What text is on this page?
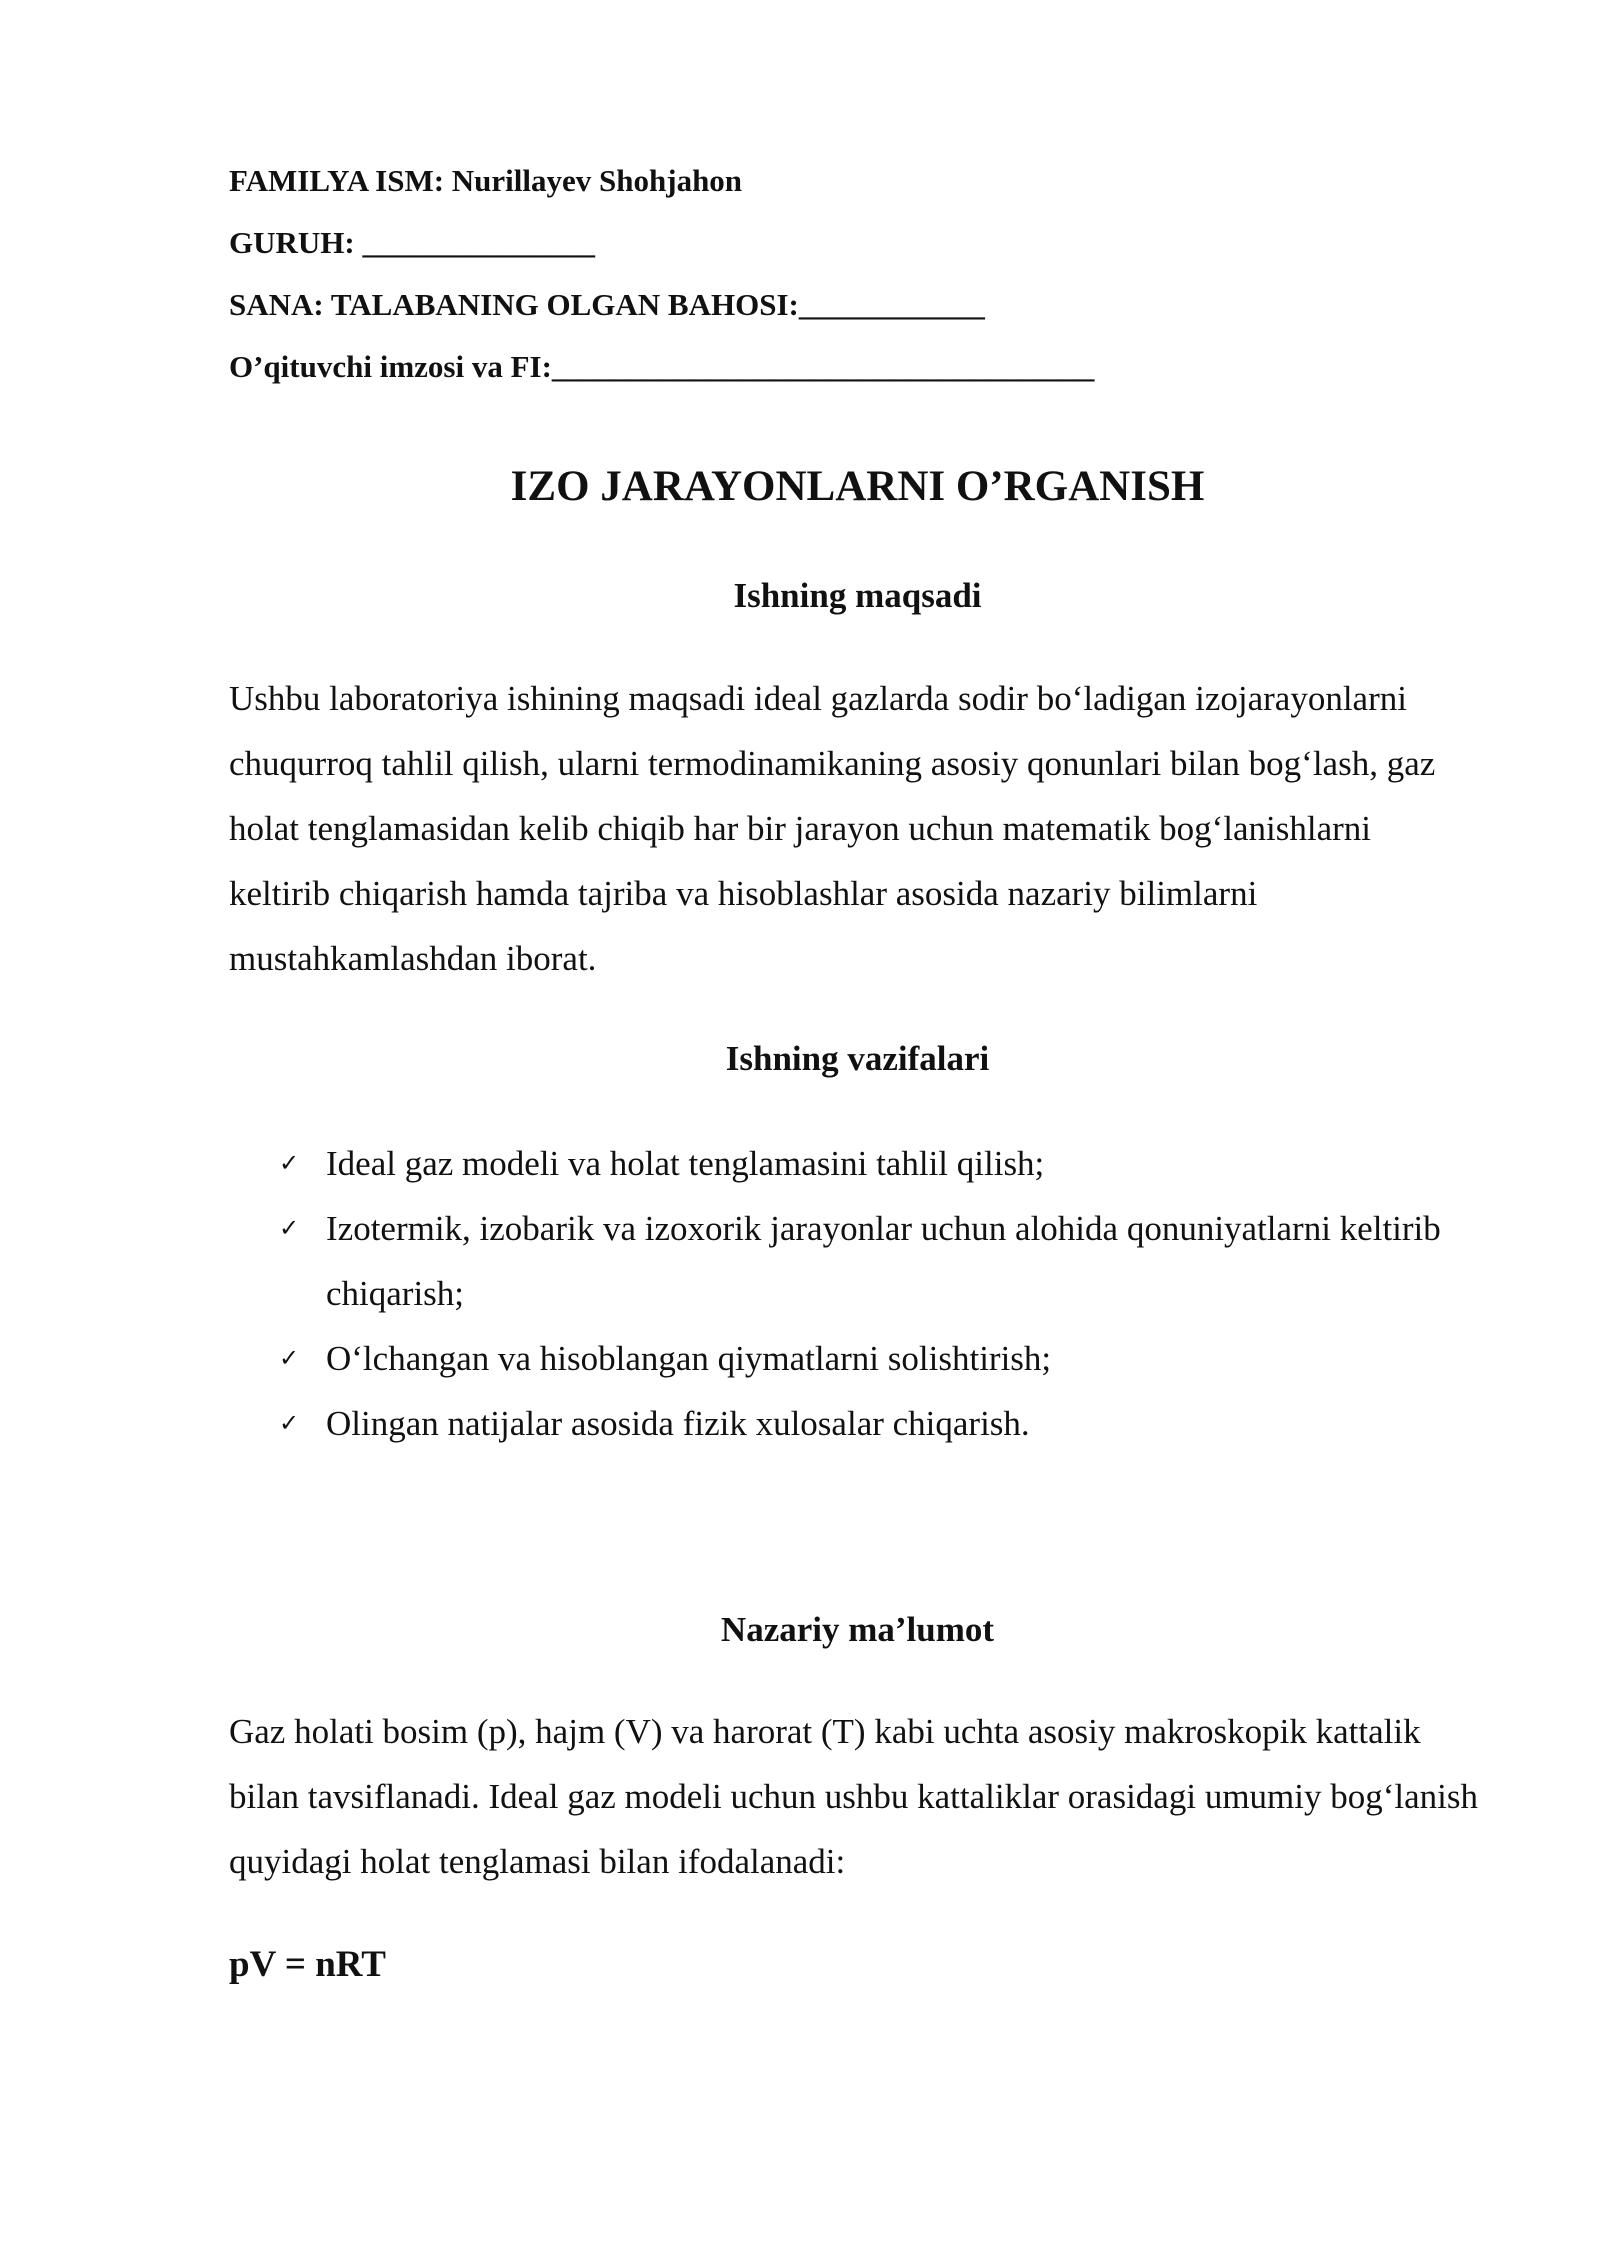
FAMILYA ISM: Nurillayev Shohjahon
GURUH: _______________
SANA: TALABANING OLGAN BAHOSI:____________
O’qituvchi imzosi va FI:___________________________________
IZO JARAYONLARNI O’RGANISH
Ishning maqsadi
Ushbu laboratoriya ishining maqsadi ideal gazlarda sodir bo‘ladigan izojarayonlarni chuqurroq tahlil qilish, ularni termodinamikaning asosiy qonunlari bilan bog‘lash, gaz holat tenglamasidan kelib chiqib har bir jarayon uchun matematik bog‘lanishlarni keltirib chiqarish hamda tajriba va hisoblashlar asosida nazariy bilimlarni mustahkamlashdan iborat.
Ishning vazifalari
✓ Ideal gaz modeli va holat tenglamasini tahlil qilish;
✓ Izotermik, izobarik va izoxorik jarayonlar uchun alohida qonuniyatlarni keltirib chiqarish;
✓ O‘lchangan va hisoblangan qiymatlarni solishtirish;
✓ Olingan natijalar asosida fizik xulosalar chiqarish.
Nazariy ma’lumot
Gaz holati bosim (p), hajm (V) va harorat (T) kabi uchta asosiy makroskopik kattalik bilan tavsiflanadi. Ideal gaz modeli uchun ushbu kattaliklar orasidagi umumiy bog‘lanish quyidagi holat tenglamasi bilan ifodalanadi:
pV = nRT
